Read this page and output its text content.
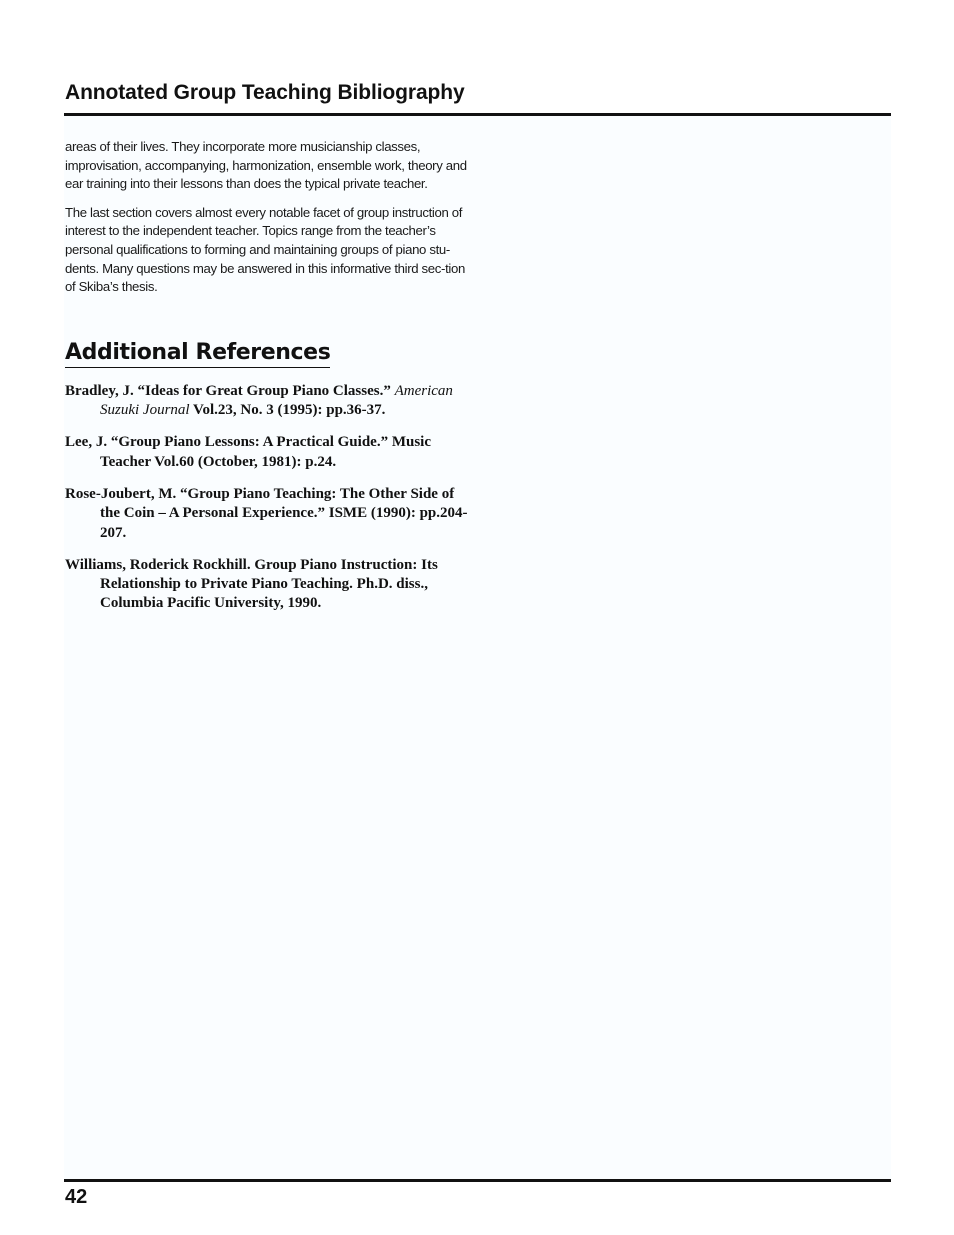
Annotated Group Teaching Bibliography

areas of their lives. They incorporate more musicianship classes, improvisation, accompanying, harmonization, ensemble work, theory and ear training into their lessons than does the typical private teacher.

The last section covers almost every notable facet of group instruction of interest to the independent teacher. Topics range from the teacher’s personal qualifications to forming and maintaining groups of piano stu-dents. Many questions may be answered in this informative third sec-tion of Skiba’s thesis.

Additional References

Bradley, J. “Ideas for Great Group Piano Classes.” American Suzuki Journal Vol.23, No. 3 (1995): pp.36-37.

Lee, J. “Group Piano Lessons: A Practical Guide.” Music Teacher Vol.60 (October, 1981): p.24.

Rose-Joubert, M. “Group Piano Teaching: The Other Side of the Coin – A Personal Experience.” ISME (1990): pp.204-207.

Williams, Roderick Rockhill. Group Piano Instruction: Its Relationship to Private Piano Teaching. Ph.D. diss., Columbia Pacific University, 1990.

42
